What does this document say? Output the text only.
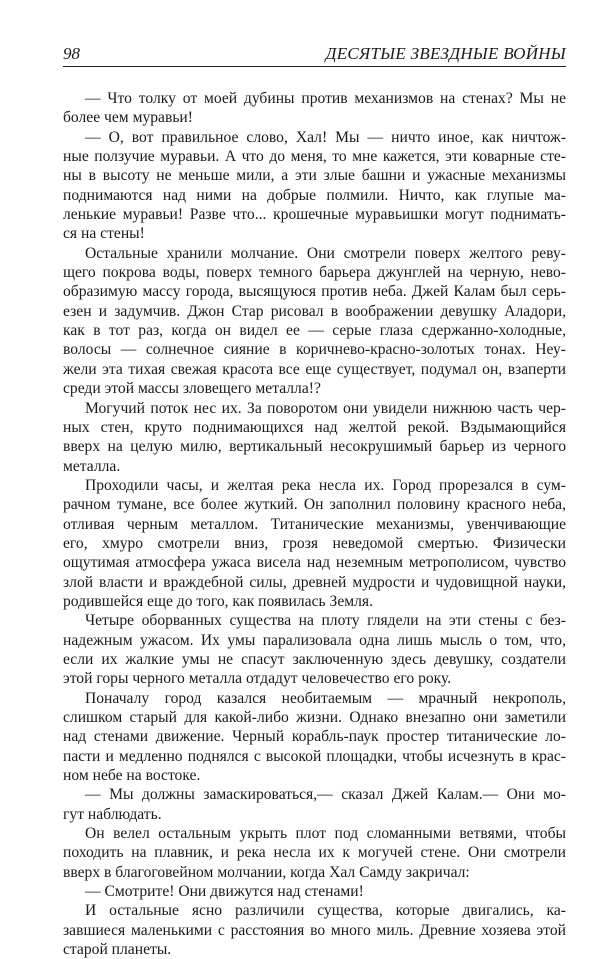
98	ДЕСЯТЫЕ ЗВЕЗДНЫЕ ВОЙНЫ
— Что толку от моей дубины против механизмов на стенах? Мы не
более чем муравьи!
— О, вот правильное слово, Хал! Мы — ничто иное, как ничтож-
ные ползучие муравьи. А что до меня, то мне кажется, эти коварные сте-
ны в высоту не меньше мили, а эти злые башни и ужасные механизмы
поднимаются над ними на добрые полмили. Ничто, как глупые ма-
ленькие муравьи! Разве что... крошечные муравьишки могут поднимать-
ся на стены!
Остальные хранили молчание. Они смотрели поверх желтого реву-
щего покрова воды, поверх темного барьера джунглей на черную, нево-
образимую массу города, высящуюся против неба. Джей Калам был серь-
езен и задумчив. Джон Стар рисовал в воображении девушку Аладори,
как в тот раз, когда он видел ее — серые глаза сдержанно-холодные,
волосы — солнечное сияние в коричнево-красно-золотых тонах. Неу-
жели эта тихая свежая красота все еще существует, подумал он, взаперти
среди этой массы зловещего металла!?
Могучий поток нес их. За поворотом они увидели нижнюю часть чер-
ных стен, круто поднимающихся над желтой рекой. Вздымающийся
вверх на целую милю, вертикальный несокрушимый барьер из черного
металла.
Проходили часы, и желтая река несла их. Город прорезался в сум-
рачном тумане, все более жуткий. Он заполнил половину красного неба,
отливая черным металлом. Титанические механизмы, увенчивающие
его, хмуро смотрели вниз, грозя неведомой смертью. Физически
ощутимая атмосфера ужаса висела над неземным метрополисом, чувство
злой власти и враждебной силы, древней мудрости и чудовищной науки,
родившейся еще до того, как появилась Земля.
Четыре оборванных существа на плоту глядели на эти стены с без-
надежным ужасом. Их умы парализовала одна лишь мысль о том, что,
если их жалкие умы не спасут заключенную здесь девушку, создатели
этой горы черного металла отдадут человечество его року.
Поначалу город казался необитаемым — мрачный некрополь,
слишком старый для какой-либо жизни. Однако внезапно они заметили
над стенами движение. Черный корабль-паук простер титанические ло-
пасти и медленно поднялся с высокой площадки, чтобы исчезнуть в крас-
ном небе на востоке.
— Мы должны замаскироваться,— сказал Джей Калам.— Они мо-
гут наблюдать.
Он велел остальным укрыть плот под сломанными ветвями, чтобы
походить на плавник, и река несла их к могучей стене. Они смотрели
вверх в благоговейном молчании, когда Хал Самду закричал:
— Смотрите! Они движутся над стенами!
И остальные ясно различили существа, которые двигались, ка-
завшиеся маленькими с расстояния во много миль. Древние хозяева этой
старой планеты.
